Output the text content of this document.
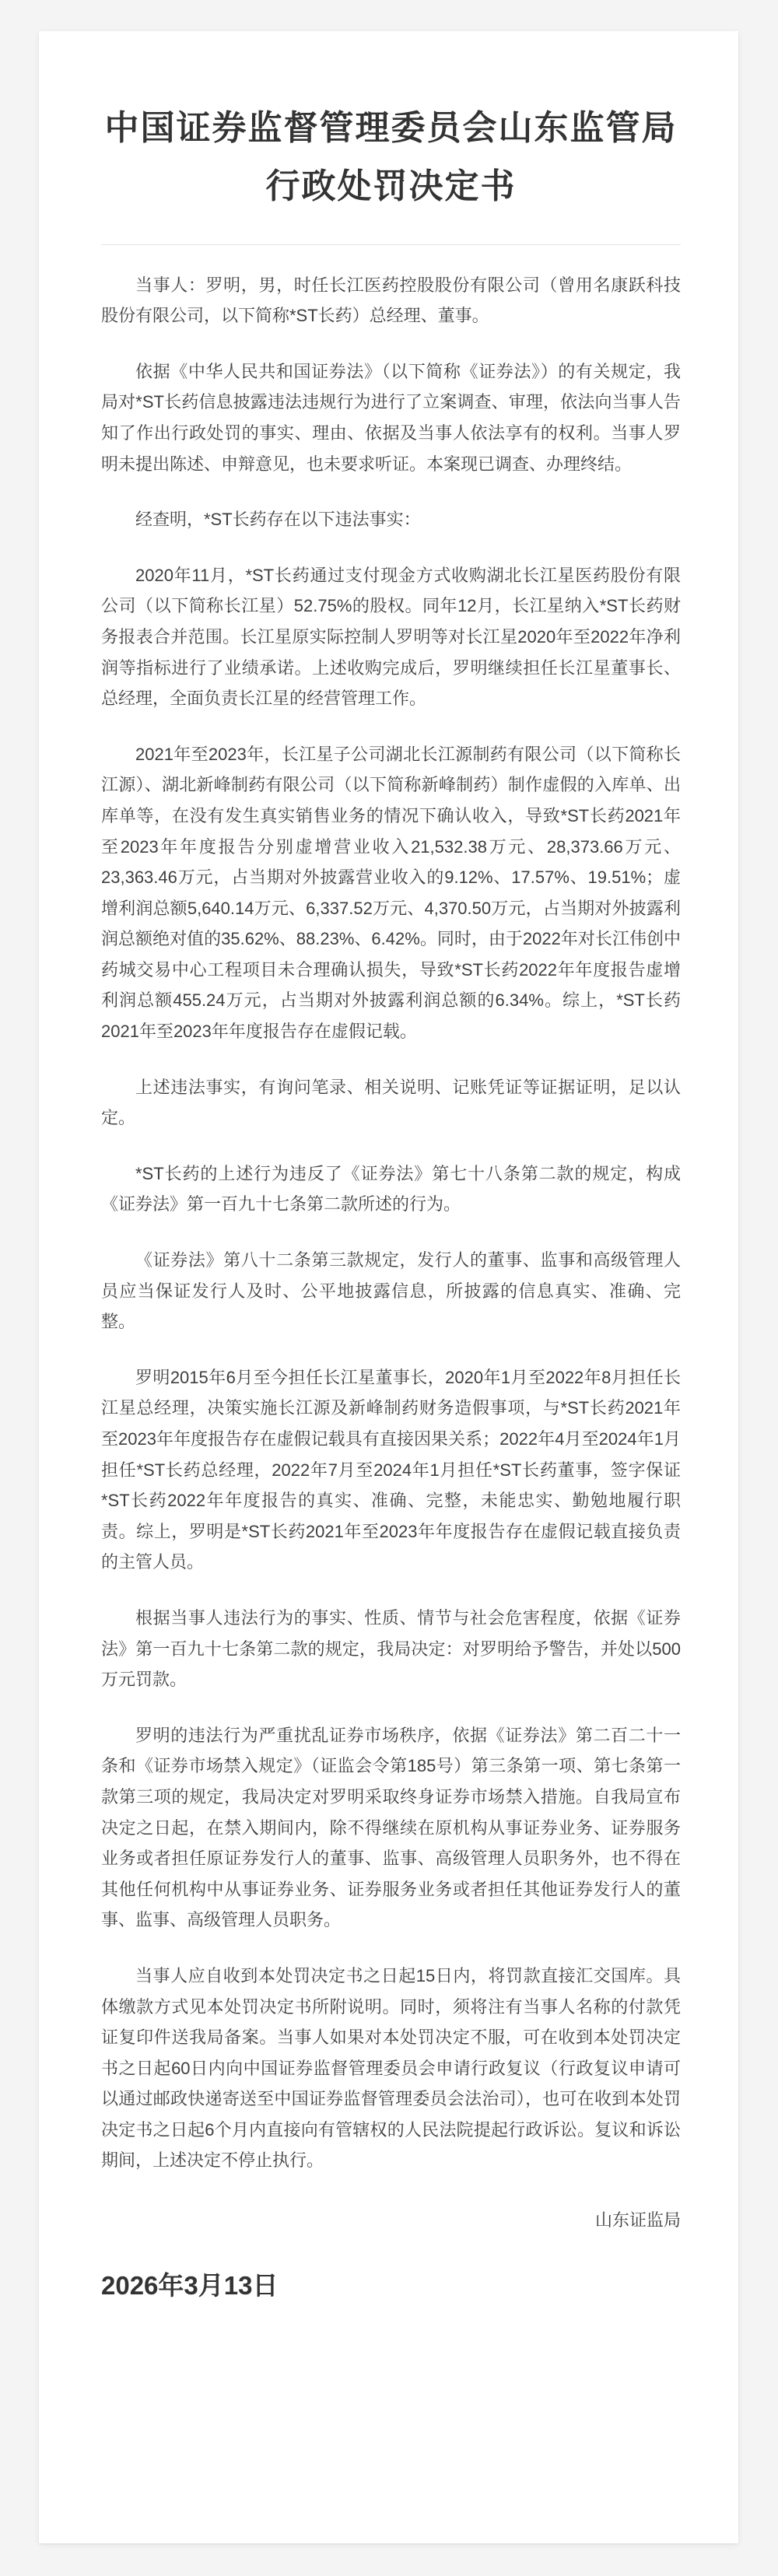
中国证券监督管理委员会山东监管局
行政处罚决定书

当事人：罗明，男，时任长江医药控股股份有限公司（曾用名康跃科技股份有限公司，以下简称*ST长药）总经理、董事。

依据《中华人民共和国证券法》（以下简称《证券法》）的有关规定，我局对*ST长药信息披露违法违规行为进行了立案调查、审理，依法向当事人告知了作出行政处罚的事实、理由、依据及当事人依法享有的权利。当事人罗明未提出陈述、申辩意见，也未要求听证。本案现已调查、办理终结。

经查明，*ST长药存在以下违法事实：

2020年11月，*ST长药通过支付现金方式收购湖北长江星医药股份有限公司（以下简称长江星）52.75%的股权。同年12月，长江星纳入*ST长药财务报表合并范围。长江星原实际控制人罗明等对长江星2020年至2022年净利润等指标进行了业绩承诺。上述收购完成后，罗明继续担任长江星董事长、总经理，全面负责长江星的经营管理工作。

2021年至2023年，长江星子公司湖北长江源制药有限公司（以下简称长江源）、湖北新峰制药有限公司（以下简称新峰制药）制作虚假的入库单、出库单等，在没有发生真实销售业务的情况下确认收入，导致*ST长药2021年至2023年年度报告分别虚增营业收入21,532.38万元、28,373.66万元、23,363.46万元，占当期对外披露营业收入的9.12%、17.57%、19.51%；虚增利润总额5,640.14万元、6,337.52万元、4,370.50万元，占当期对外披露利润总额绝对值的35.62%、88.23%、6.42%。同时，由于2022年对长江伟创中药城交易中心工程项目未合理确认损失，导致*ST长药2022年年度报告虚增利润总额455.24万元，占当期对外披露利润总额的6.34%。综上，*ST长药2021年至2023年年度报告存在虚假记载。

上述违法事实，有询问笔录、相关说明、记账凭证等证据证明，足以认定。

*ST长药的上述行为违反了《证券法》第七十八条第二款的规定，构成《证券法》第一百九十七条第二款所述的行为。

《证券法》第八十二条第三款规定，发行人的董事、监事和高级管理人员应当保证发行人及时、公平地披露信息，所披露的信息真实、准确、完整。

罗明2015年6月至今担任长江星董事长，2020年1月至2022年8月担任长江星总经理，决策实施长江源及新峰制药财务造假事项，与*ST长药2021年至2023年年度报告存在虚假记载具有直接因果关系；2022年4月至2024年1月担任*ST长药总经理，2022年7月至2024年1月担任*ST长药董事，签字保证*ST长药2022年年度报告的真实、准确、完整，未能忠实、勤勉地履行职责。综上，罗明是*ST长药2021年至2023年年度报告存在虚假记载直接负责的主管人员。

根据当事人违法行为的事实、性质、情节与社会危害程度，依据《证券法》第一百九十七条第二款的规定，我局决定：对罗明给予警告，并处以500万元罚款。

罗明的违法行为严重扰乱证券市场秩序，依据《证券法》第二百二十一条和《证券市场禁入规定》（证监会令第185号）第三条第一项、第七条第一款第三项的规定，我局决定对罗明采取终身证券市场禁入措施。自我局宣布决定之日起，在禁入期间内，除不得继续在原机构从事证券业务、证券服务业务或者担任原证券发行人的董事、监事、高级管理人员职务外，也不得在其他任何机构中从事证券业务、证券服务业务或者担任其他证券发行人的董事、监事、高级管理人员职务。

当事人应自收到本处罚决定书之日起15日内，将罚款直接汇交国库。具体缴款方式见本处罚决定书所附说明。同时，须将注有当事人名称的付款凭证复印件送我局备案。当事人如果对本处罚决定不服，可在收到本处罚决定书之日起60日内向中国证券监督管理委员会申请行政复议（行政复议申请可以通过邮政快递寄送至中国证券监督管理委员会法治司），也可在收到本处罚决定书之日起6个月内直接向有管辖权的人民法院提起行政诉讼。复议和诉讼期间，上述决定不停止执行。

山东证监局
2026年3月13日
